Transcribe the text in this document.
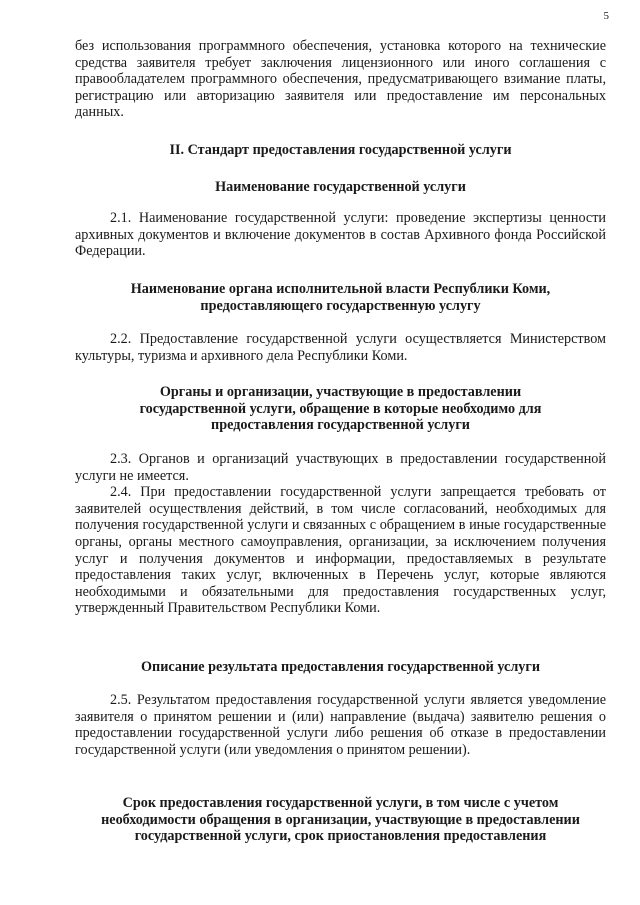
5

без использования программного обеспечения, установка которого на технические средства заявителя требует заключения лицензионного или иного соглашения с правообладателем программного обеспечения, предусматривающего взимание платы, регистрацию или авторизацию заявителя или предоставление им персональных данных.

II. Стандарт предоставления государственной услуги
Наименование государственной услуги

2.1. Наименование государственной услуги: проведение экспертизы ценности архивных документов и включение документов в состав Архивного фонда Российской Федерации.

Наименование органа исполнительной власти Республики Коми,
предоставляющего государственную услугу

2.2. Предоставление государственной услуги осуществляется Министерством культуры, туризма и архивного дела Республики Коми.

Органы и организации, участвующие в предоставлении
государственной услуги, обращение в которые необходимо для
предоставления государственной услуги

2.3. Органов и организаций участвующих в предоставлении государственной услуги не имеется.

2.4. При предоставлении государственной услуги запрещается требовать от заявителей осуществления действий, в том числе согласований, необходимых для получения государственной услуги и связанных с обращением в иные государственные органы, органы местного самоуправления, организации, за исключением получения услуг и получения документов и информации, предоставляемых в результате предоставления таких услуг, включенных в Перечень услуг, которые являются необходимыми и обязательными для предоставления государственных услуг, утвержденный Правительством Республики Коми.

Описание результата предоставления государственной услуги

2.5. Результатом предоставления государственной услуги является уведомление заявителя о принятом решении и (или) направление (выдача) заявителю решения о предоставлении государственной услуги либо решения об отказе в предоставлении государственной услуги (или уведомления о принятом решении).

Срок предоставления государственной услуги, в том числе с учетом
необходимости обращения в организации, участвующие в предоставлении
государственной услуги, срок приостановления предоставления
